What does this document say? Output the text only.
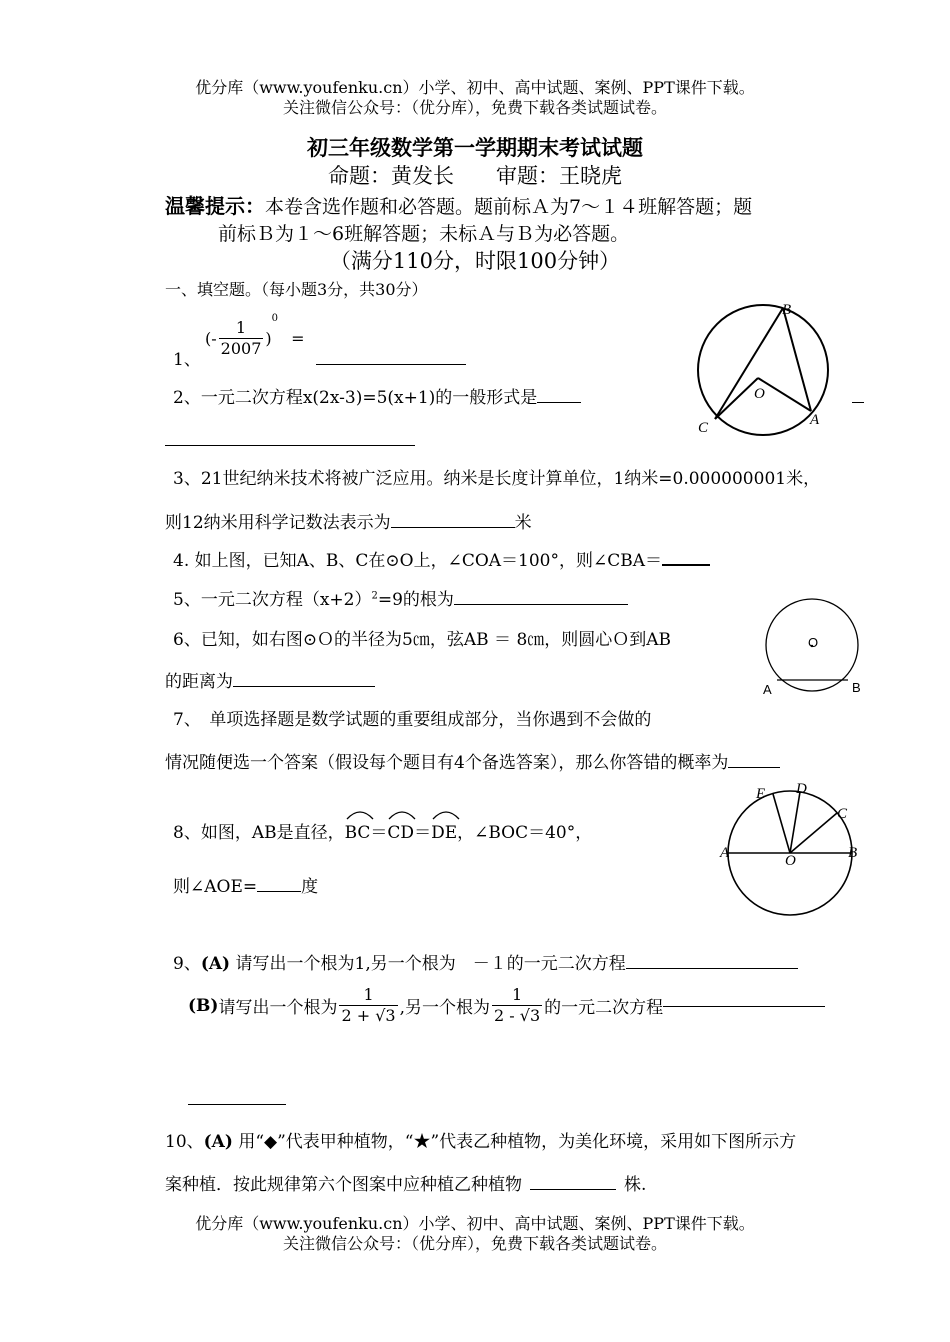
优分库（www.youfenku.cn）小学、初中、高中试题、案例、PPT课件下载。
关注微信公众号：（优分库），免费下载各类试题试卷。
初三年级数学第一学期期末考试试题
命题：黄发长　　审题：王晓虎
温馨提示：本卷含选作题和必答题。题前标Ａ为7～１４班解答题；题
前标Ｂ为１～6班解答题；未标Ａ与Ｂ为必答题。
（满分110分，时限100分钟）
一、填空题。（每小题3分，共30分）
1、
(- $\frac{1}{2007} )^0$ =
2、一元二次方程x(2x-3)=5(x+1)的一般形式是
B
O
C	A
3、21世纪纳米技术将被广泛应用。纳米是长度计算单位，1纳米=0.000000001米，
则12纳米用科学记数法表示为	米
4. 如上图，已知A、B、C在⊙O上，∠COA＝100°，则∠CBA＝
5、一元二次方程$(x+2)^2=9$的根为
6、已知，如右图⊙Ｏ的半径为5㎝，弦AB ＝ 8㎝，则圆心Ｏ到AB
的距离为
O
A	B
7、　单项选择题是数学试题的重要组成部分，当你遇到不会做的
情况随便选一个答案（假设每个题目有4个备选答案），那么你答错的概率为
8、如图，AB是直径，
BC＝
CD＝
DE，∠BOC＝40°，
则∠AOE=	度
E D
C
A	O	B
9、(A) 请写出一个根为1,另一个根为　－１的一元二次方程
(B)请写出一个根为 $\frac{1}{2 + √3}$ ,另一个根为 $\frac{1}{2 - √3}$ 的一元二次方程
10、(A) 用“◆”代表甲种植物，“★”代表乙种植物，为美化环境，采用如下图所示方
案种植．按此规律第六个图案中应种植乙种植物	株.
优分库（www.youfenku.cn）小学、初中、高中试题、案例、PPT课件下载。
关注微信公众号：（优分库），免费下载各类试题试卷。
